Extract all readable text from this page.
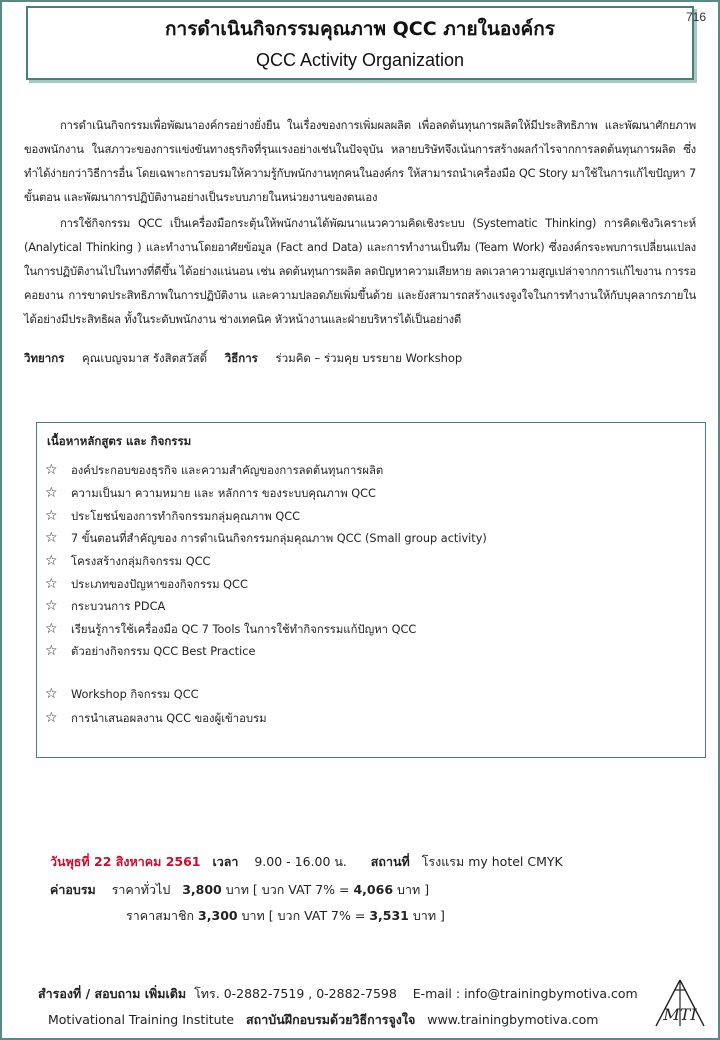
การดำเนินกิจกรรมคุณภาพ QCC ภายในองค์กร
QCC Activity Organization
716
การดำเนินกิจกรรมเพื่อพัฒนาองค์กรอย่างยั่งยืน ในเรื่องของการเพิ่มผลผลิต เพื่อลดต้นทุนการผลิตให้มีประสิทธิภาพ และพัฒนาศักยภาพของพนักงาน ในสภาวะของการแข่งขันทางธุรกิจที่รุนแรงอย่างเช่นในปัจจุบัน หลายบริษัทจึงเน้นการสร้างผลกำไรจากการลดต้นทุนการผลิต ซึ่งทำได้ง่ายกว่าวิธีการอื่น โดยเฉพาะการอบรมให้ความรู้กับพนักงานทุกคนในองค์กร ให้สามารถนำเครื่องมือ QC Story มาใช้ในการแก้ไขปัญหา 7 ขั้นตอน และพัฒนาการปฏิบัติงานอย่างเป็นระบบภายในหน่วยงานของตนเอง
การใช้กิจกรรม QCC เป็นเครื่องมือกระตุ้นให้พนักงานได้พัฒนาแนวความคิดเชิงระบบ (Systematic Thinking) การคิดเชิงวิเคราะห์ (Analytical Thinking ) และทำงานโดยอาศัยข้อมูล (Fact and Data) และการทำงานเป็นทีม (Team Work) ซึ่งองค์กรจะพบการเปลี่ยนแปลงในการปฏิบัติงานไปในทางที่ดีขึ้น ได้อย่างแน่นอน เช่น ลดต้นทุนการผลิต ลดปัญหาความเสียหาย ลดเวลาความสูญเปล่าจากการแก้ไขงาน การรอคอยงาน การขาดประสิทธิภาพในการปฏิบัติงาน และความปลอดภัยเพิ่มขึ้นด้วย และยังสามารถสร้างแรงจูงใจในการทำงานให้กับบุคลากรภายในได้อย่างมีประสิทธิผล ทั้งในระดับพนักงาน ช่างเทคนิค หัวหน้างานและฝ่ายบริหารได้เป็นอย่างดี
วิทยากร คุณเบญจมาส รังสิตสวัสดิ์ วิธีการ ร่วมคิด – ร่วมคุย บรรยาย Workshop
เนื้อหาหลักสูตร และ กิจกรรม
☆	องค์ประกอบของธุรกิจ และความสำคัญของการลดต้นทุนการผลิต
☆	ความเป็นมา ความหมาย และ หลักการ ของระบบคุณภาพ QCC
☆	ประโยชน์ของการทำกิจกรรมกลุ่มคุณภาพ QCC
☆	7 ขั้นตอนที่สำคัญของ การดำเนินกิจกรรมกลุ่มคุณภาพ QCC (Small group activity)
☆	โครงสร้างกลุ่มกิจกรรม QCC
☆	ประเภทของปัญหาของกิจกรรม QCC
☆	กระบวนการ PDCA
☆	เรียนรู้การใช้เครื่องมือ QC 7 Tools ในการใช้ทำกิจกรรมแก้ปัญหา QCC
☆	ตัวอย่างกิจกรรม QCC Best Practice
☆	Workshop กิจกรรม QCC
☆	การนำเสนอผลงาน QCC ของผู้เข้าอบรม
วันพุธที่ 22 สิงหาคม 2561 เวลา 9.00 - 16.00 น. สถานที่ โรงแรม my hotel CMYK
ค่าอบรม ราคาทั่วไป 3,800 บาท [ บวก VAT 7% = 4,066 บาท ]
ราคาสมาชิก 3,300 บาท [ บวก VAT 7% = 3,531 บาท ]
สำรองที่ / สอบถาม เพิ่มเติม โทร. 0-2882-7519 , 0-2882-7598 E-mail : info@trainingbymotiva.com
Motivational Training Institute สถาบันฝึกอบรมด้วยวิธีการจูงใจ www.trainingbymotiva.com	MTI
